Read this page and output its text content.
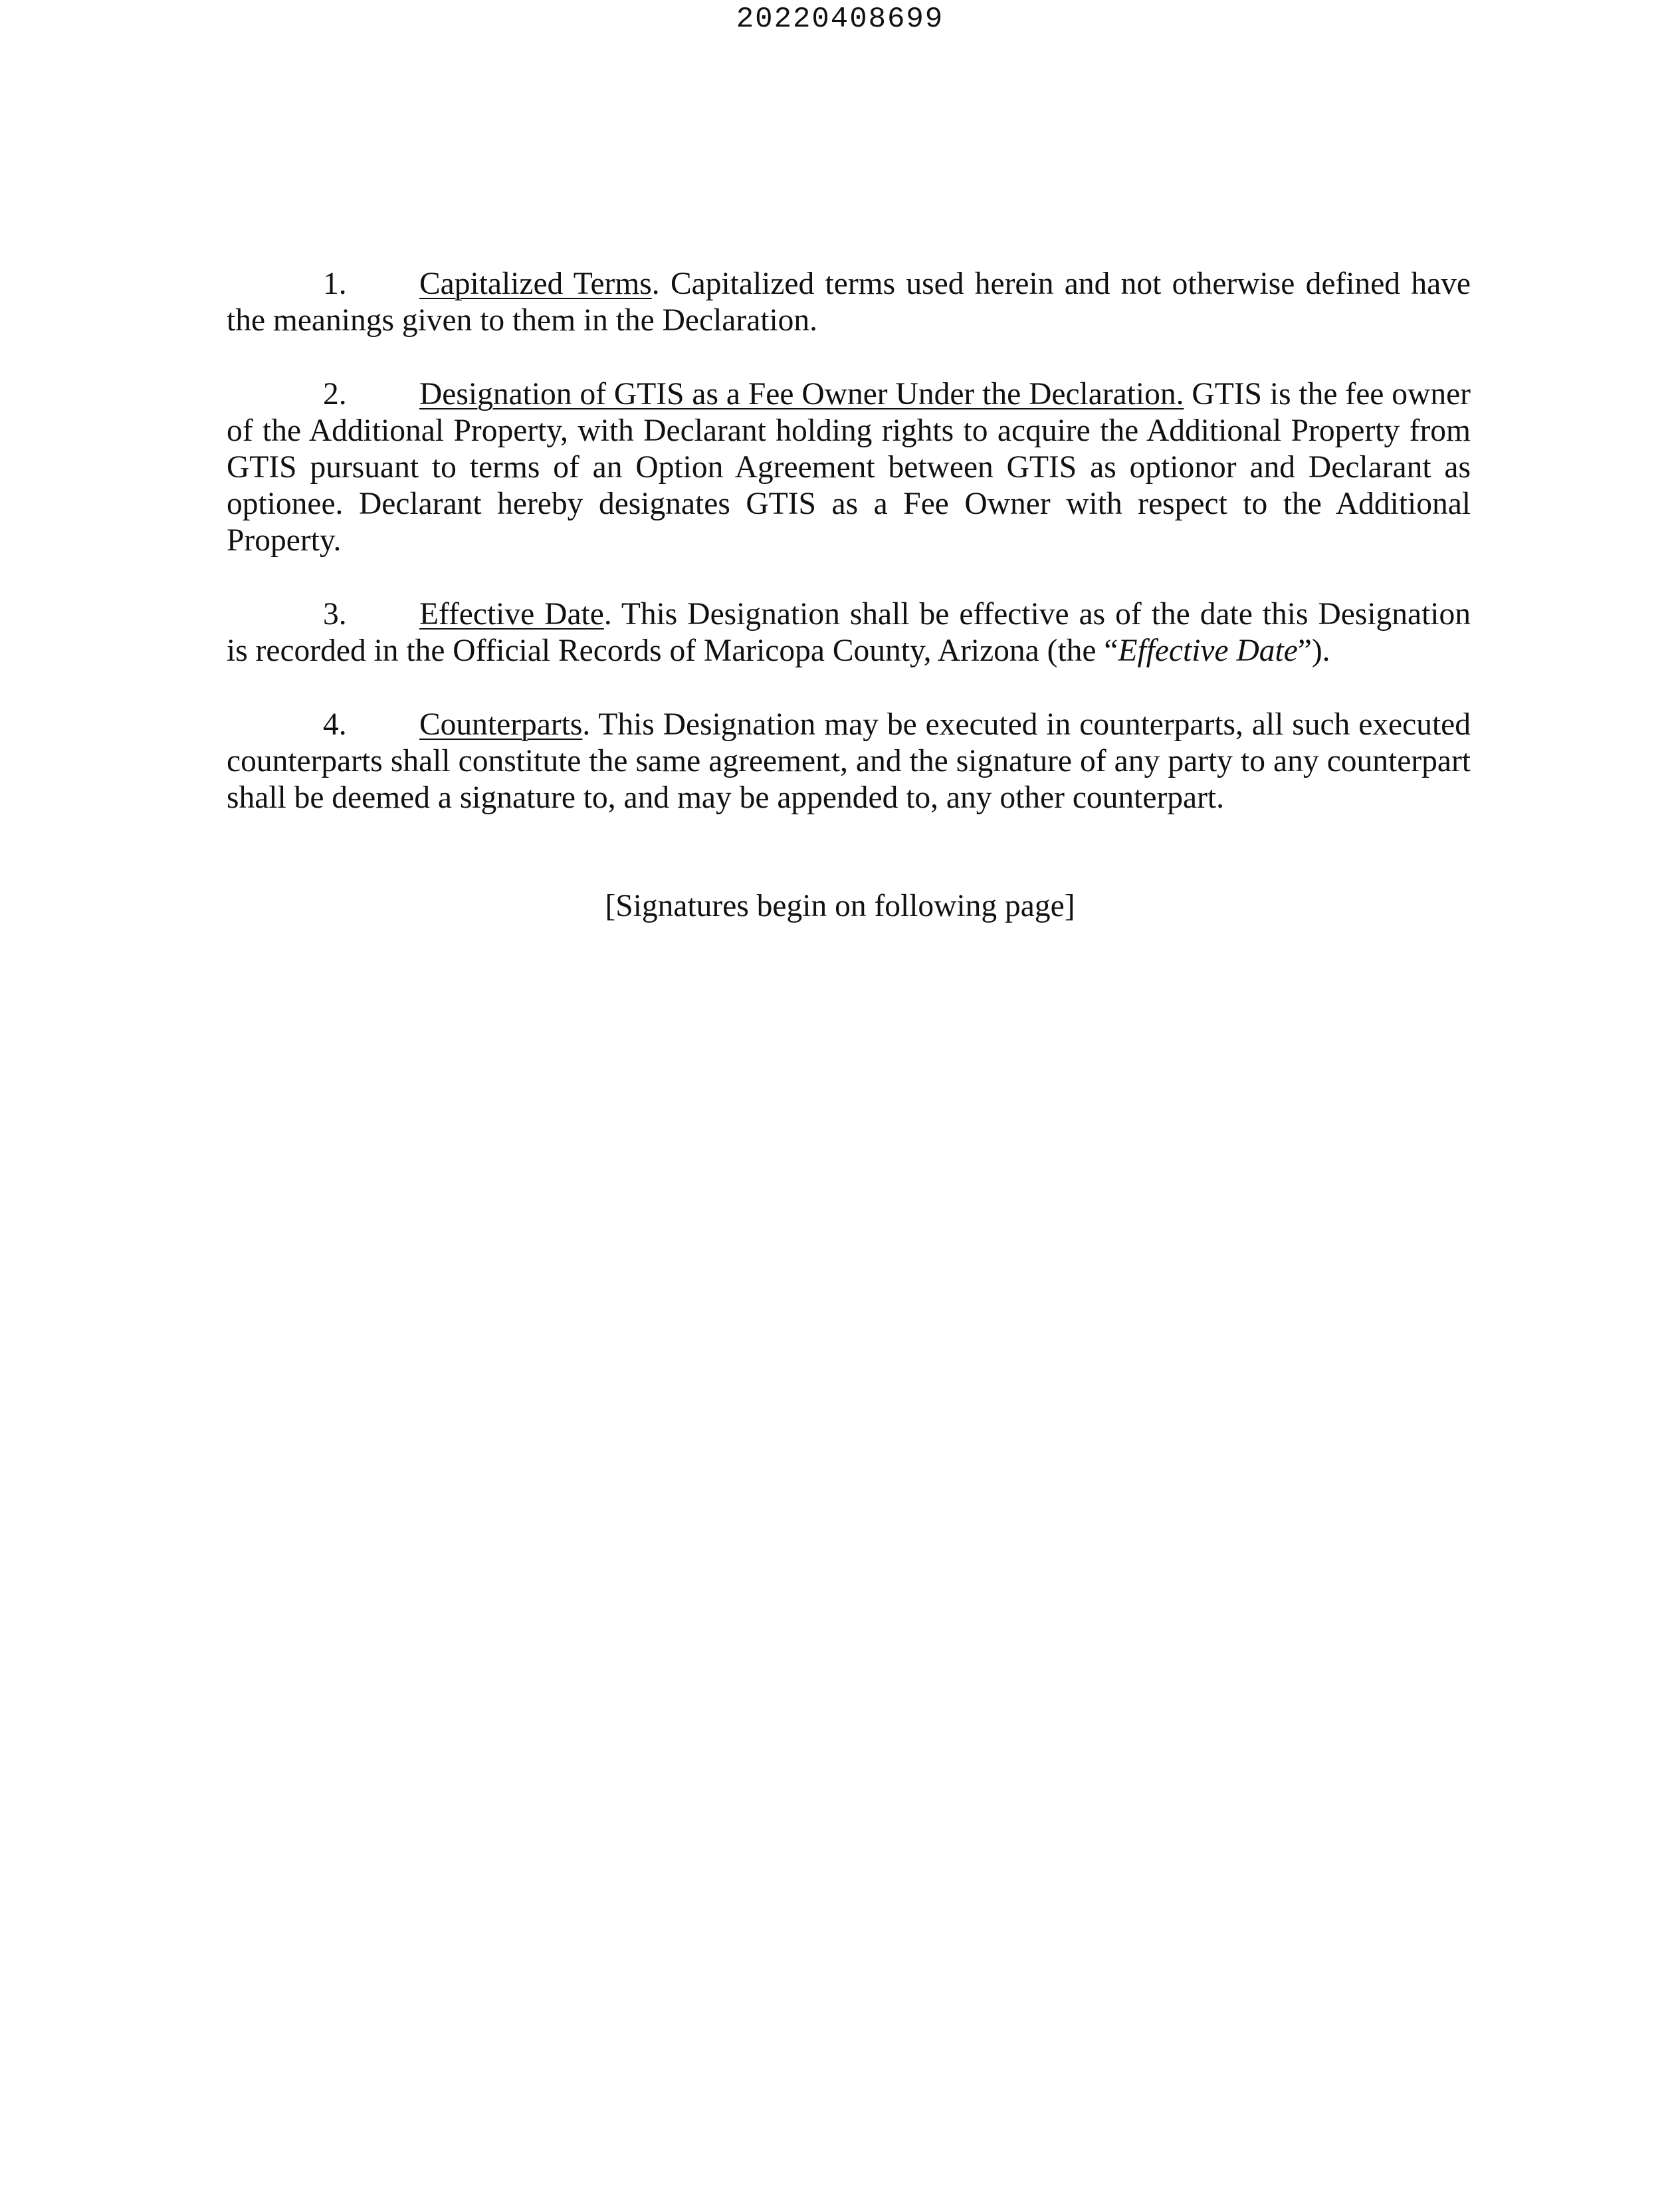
20220408699

1. Capitalized Terms. Capitalized terms used herein and not otherwise defined have the meanings given to them in the Declaration.

2. Designation of GTIS as a Fee Owner Under the Declaration. GTIS is the fee owner of the Additional Property, with Declarant holding rights to acquire the Additional Property from GTIS pursuant to terms of an Option Agreement between GTIS as optionor and Declarant as optionee. Declarant hereby designates GTIS as a Fee Owner with respect to the Additional Property.

3. Effective Date. This Designation shall be effective as of the date this Designation is recorded in the Official Records of Maricopa County, Arizona (the “Effective Date”).

4. Counterparts. This Designation may be executed in counterparts, all such executed counterparts shall constitute the same agreement, and the signature of any party to any counterpart shall be deemed a signature to, and may be appended to, any other counterpart.

[Signatures begin on following page]
